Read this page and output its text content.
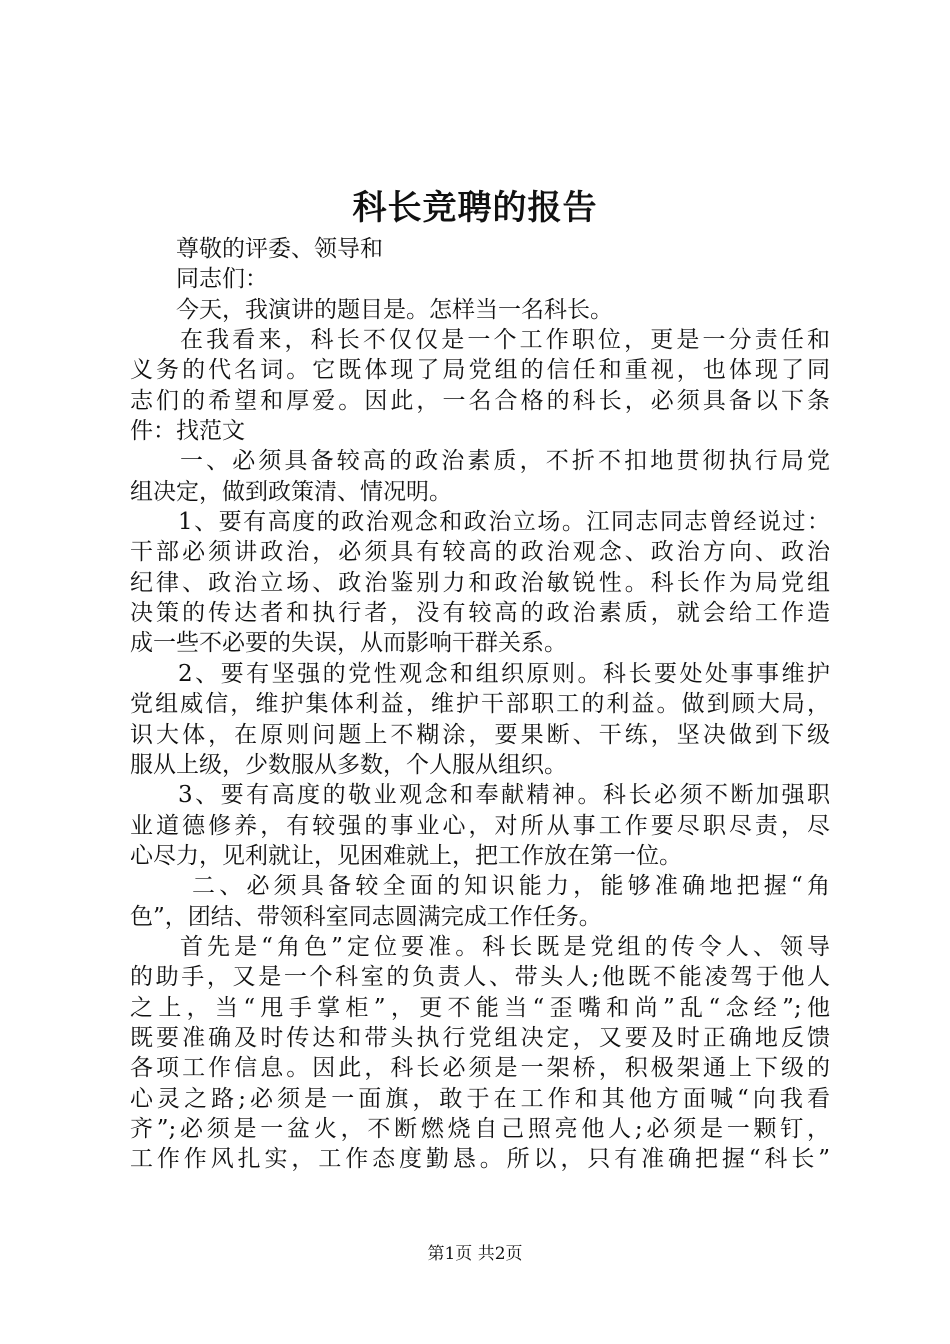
科长竞聘的报告
尊敬的评委、领导和
同志们：
今天，我演讲的题目是。怎样当一名科长。
在我看来，科长不仅仅是一个工作职位，更是一分责任和
义务的代名词。它既体现了局党组的信任和重视，也体现了同
志们的希望和厚爱。因此，一名合格的科长，必须具备以下条
件：找范文
一、必须具备较高的政治素质，不折不扣地贯彻执行局党
组决定，做到政策清、情况明。
1、要有高度的政治观念和政治立场。江同志同志曾经说过：
干部必须讲政治，必须具有较高的政治观念、政治方向、政治
纪律、政治立场、政治鉴别力和政治敏锐性。科长作为局党组
决策的传达者和执行者，没有较高的政治素质，就会给工作造
成一些不必要的失误，从而影响干群关系。
2、要有坚强的党性观念和组织原则。科长要处处事事维护
党组威信，维护集体利益，维护干部职工的利益。做到顾大局，
识大体，在原则问题上不糊涂，要果断、干练，坚决做到下级
服从上级，少数服从多数，个人服从组织。
3、要有高度的敬业观念和奉献精神。科长必须不断加强职
业道德修养，有较强的事业心，对所从事工作要尽职尽责，尽
心尽力，见利就让，见困难就上，把工作放在第一位。
二、必须具备较全面的知识能力，能够准确地把握“角
色”，团结、带领科室同志圆满完成工作任务。
首先是“角色”定位要准。科长既是党组的传令人、领导
的助手，又是一个科室的负责人、带头人;他既不能凌驾于他人
之上，当“甩手掌柜”，更不能当“歪嘴和尚”乱“念经”;他
既要准确及时传达和带头执行党组决定，又要及时正确地反馈
各项工作信息。因此，科长必须是一架桥，积极架通上下级的
心灵之路;必须是一面旗，敢于在工作和其他方面喊“向我看
齐”;必须是一盆火，不断燃烧自己照亮他人;必须是一颗钉，
工作作风扎实，工作态度勤恳。所以，只有准确把握“科长”
第1页 共2页
